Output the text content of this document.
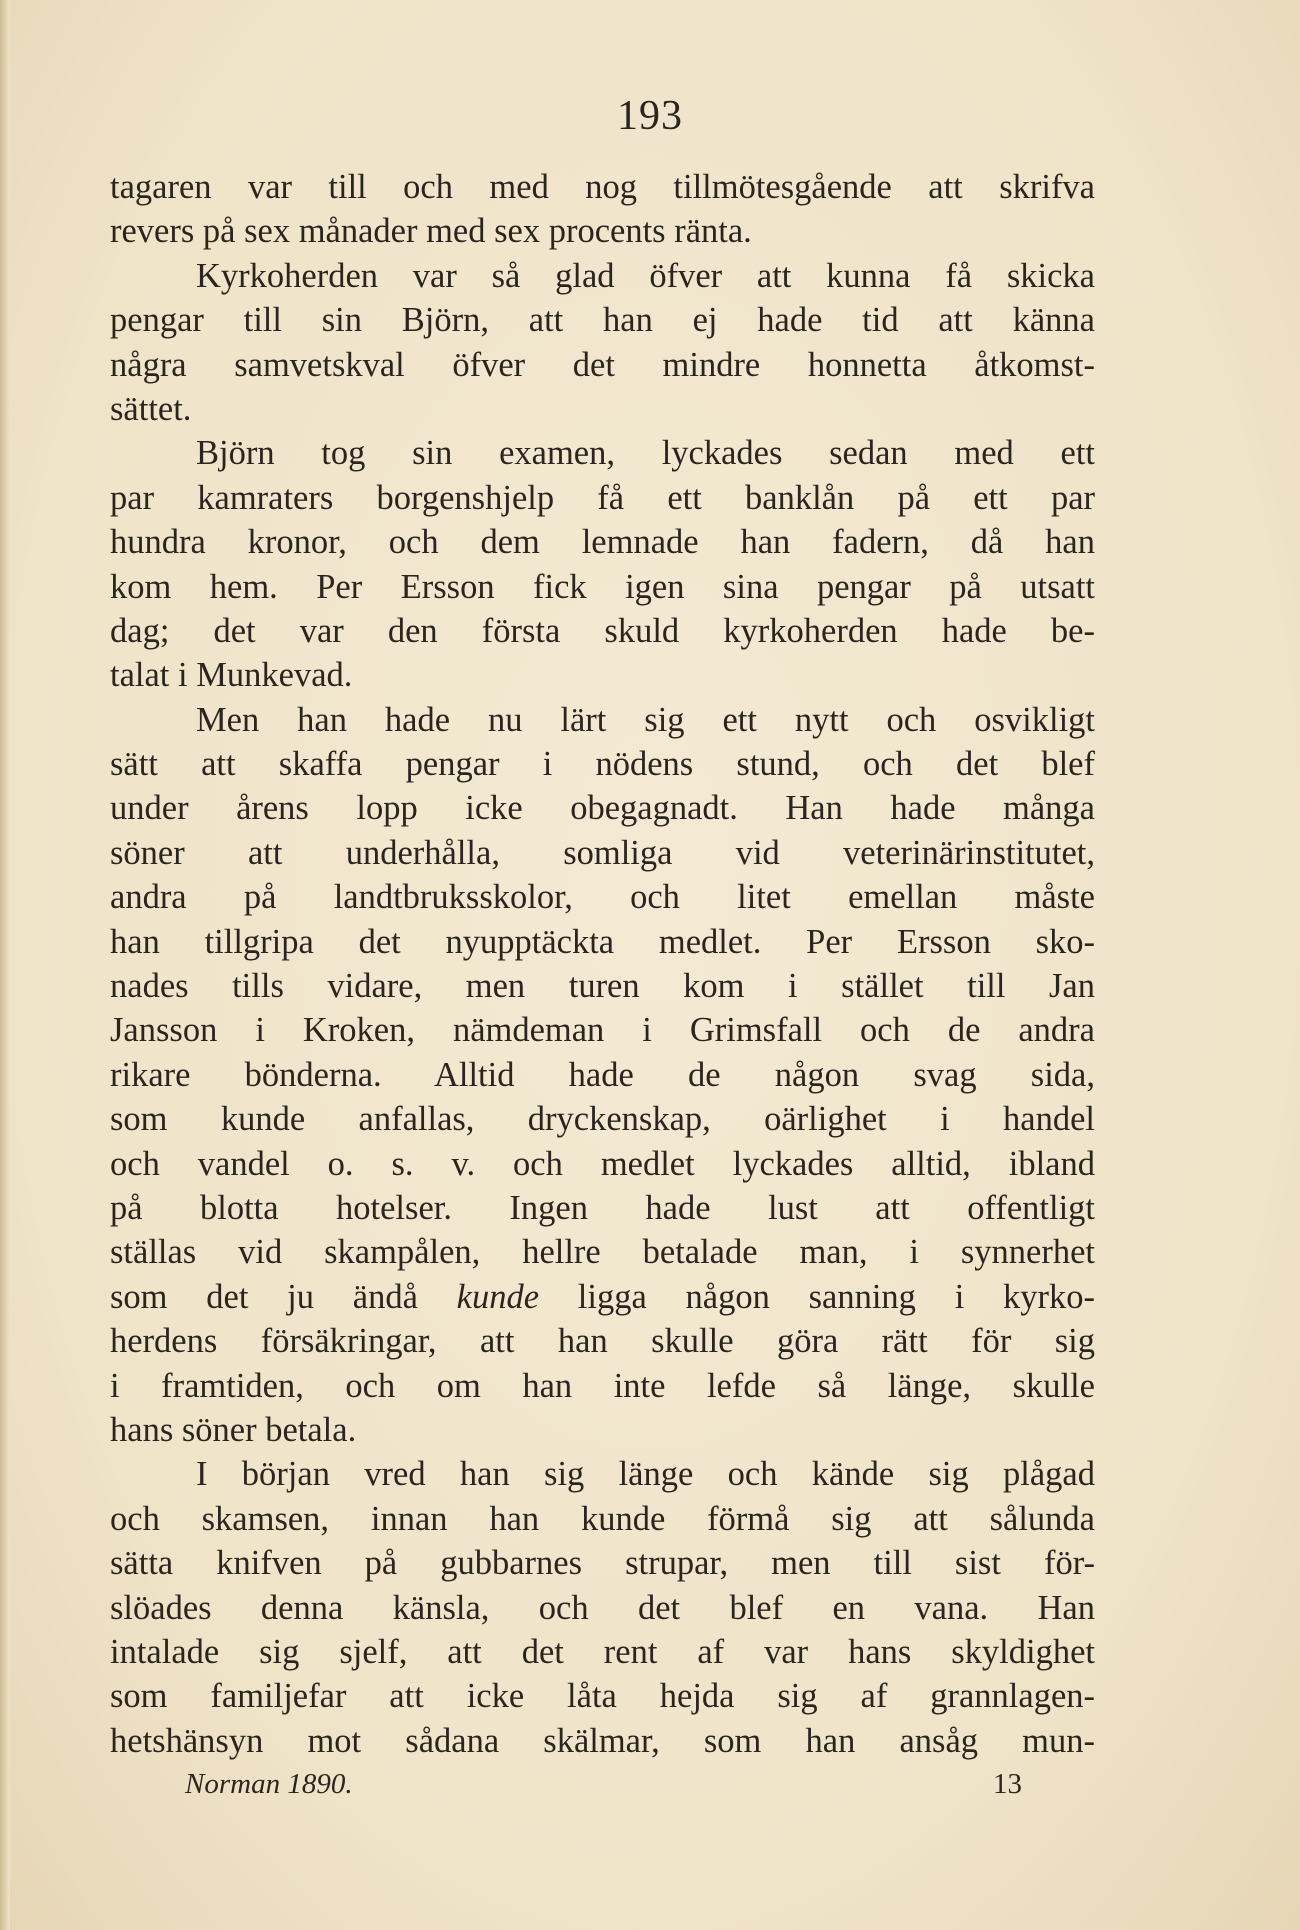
193
tagaren var till och med nog tillmötesgående att skrifva
revers på sex månader med sex procents ränta.
Kyrkoherden var så glad öfver att kunna få skicka
pengar till sin Björn, att han ej hade tid att känna
några samvetskval öfver det mindre honnetta åtkomst-
sättet.
Björn tog sin examen, lyckades sedan med ett
par kamraters borgenshjelp få ett banklån på ett par
hundra kronor, och dem lemnade han fadern, då han
kom hem. Per Ersson fick igen sina pengar på utsatt
dag; det var den första skuld kyrkoherden hade be-
talat i Munkevad.
Men han hade nu lärt sig ett nytt och osvikligt
sätt att skaffa pengar i nödens stund, och det blef
under årens lopp icke obegagnadt. Han hade många
söner att underhålla, somliga vid veterinärinstitutet,
andra på landtbruksskolor, och litet emellan måste
han tillgripa det nyupptäckta medlet. Per Ersson sko-
nades tills vidare, men turen kom i stället till Jan
Jansson i Kroken, nämdeman i Grimsfall och de andra
rikare bönderna. Alltid hade de någon svag sida,
som kunde anfallas, dryckenskap, oärlighet i handel
och vandel o. s. v. och medlet lyckades alltid, ibland
på blotta hotelser. Ingen hade lust att offentligt
ställas vid skampålen, hellre betalade man, i synnerhet
som det ju ändå kunde ligga någon sanning i kyrko-
herdens försäkringar, att han skulle göra rätt för sig
i framtiden, och om han inte lefde så länge, skulle
hans söner betala.
I början vred han sig länge och kände sig plågad
och skamsen, innan han kunde förmå sig att sålunda
sätta knifven på gubbarnes strupar, men till sist för-
slöades denna känsla, och det blef en vana. Han
intalade sig sjelf, att det rent af var hans skyldighet
som familjefar att icke låta hejda sig af grannlagen-
hetshänsyn mot sådana skälmar, som han ansåg mun-
Norman 1890.	13
